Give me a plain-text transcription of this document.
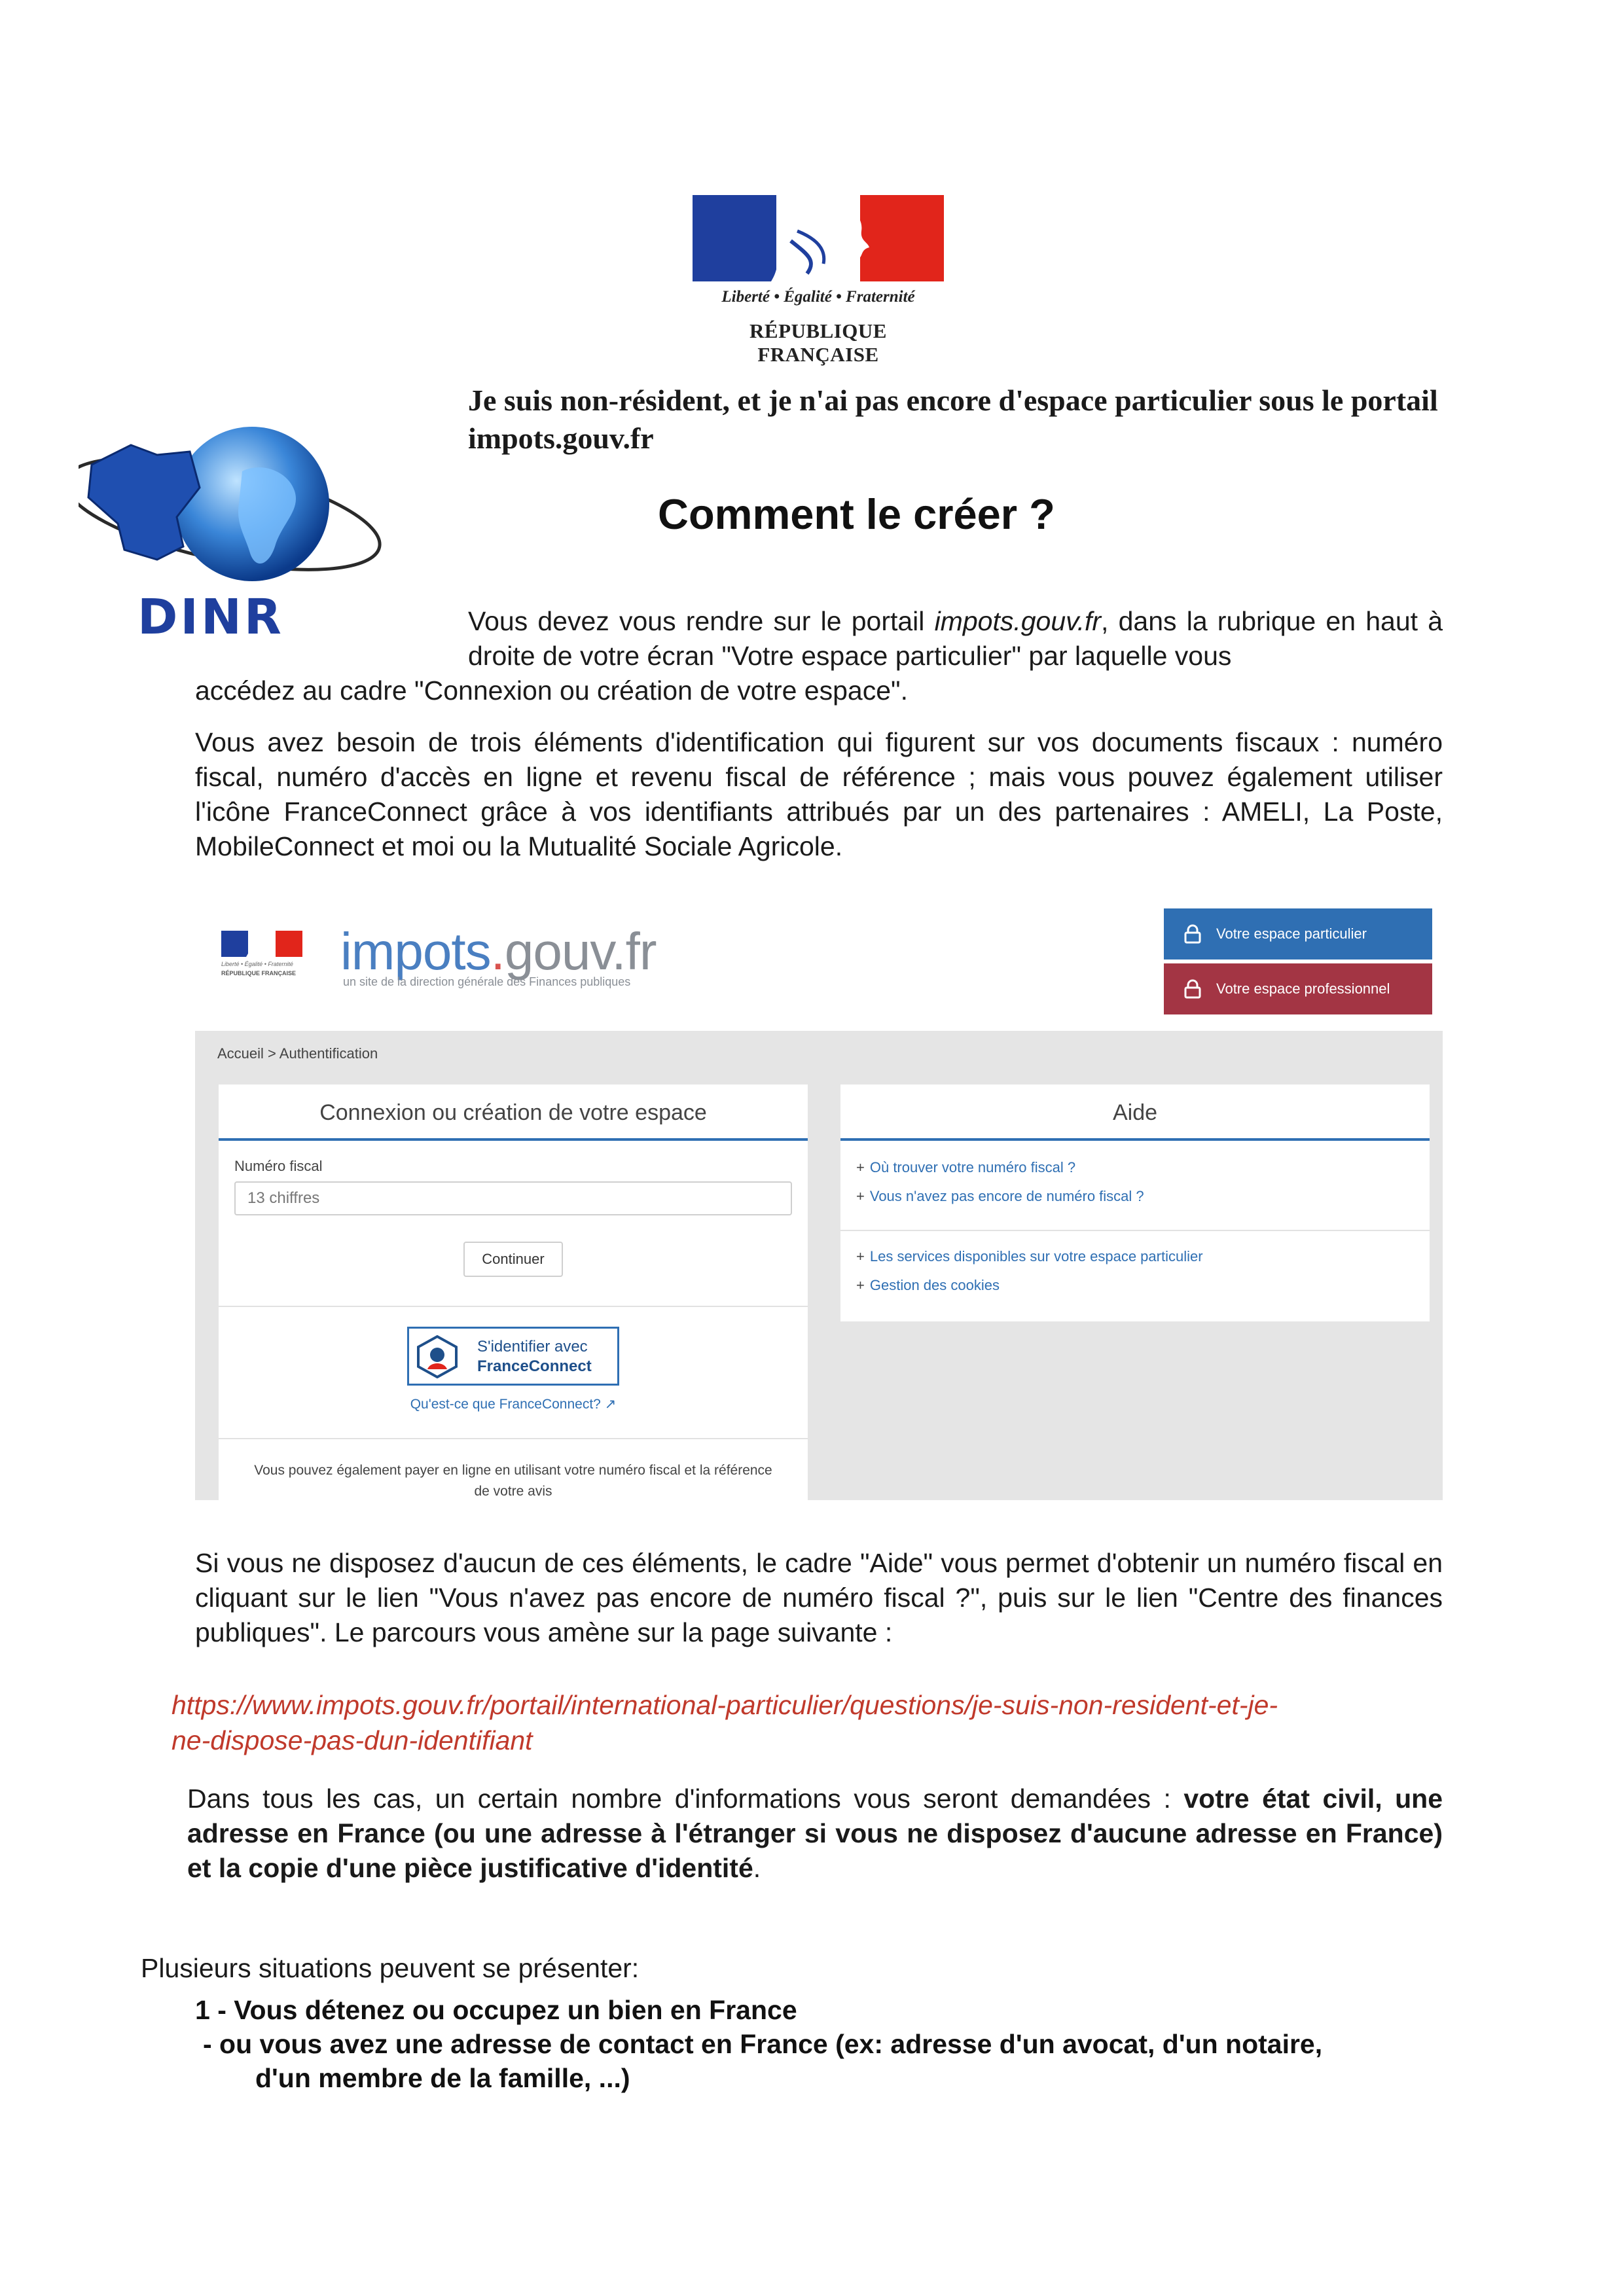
Liberté • Égalité • Fraternité
RÉPUBLIQUE FRANÇAISE
DINR
Je suis non-résident, et je n'ai pas encore d'espace particulier sous le portail impots.gouv.fr
Comment le créer ?
Vous devez vous rendre sur le portail impots.gouv.fr, dans la rubrique en haut à droite de votre écran "Votre espace particulier" par laquelle vous
accédez au cadre "Connexion ou création de votre espace".
Vous avez besoin de trois éléments d'identification qui figurent sur vos documents fiscaux : numéro fiscal, numéro d'accès en ligne et revenu fiscal de référence ; mais vous pouvez également utiliser l'icône FranceConnect grâce à vos identifiants attribués par un des partenaires : AMELI, La Poste, MobileConnect et moi ou la Mutualité Sociale Agricole.
Liberté • Égalité • Fraternité
RÉPUBLIQUE FRANÇAISE impots.gouv.fr
un site de la direction générale des Finances publiques
Votre espace particulier
Votre espace professionnel
Accueil > Authentification
Connexion ou création de votre espace
Numéro fiscal
13 chiffres
Continuer
S'identifier avec
FranceConnect
Qu'est-ce que FranceConnect? ↗
Vous pouvez également payer en ligne en utilisant votre numéro fiscal et la référence de votre avis
Aide
+ Où trouver votre numéro fiscal ?
+ Vous n'avez pas encore de numéro fiscal ?
+ Les services disponibles sur votre espace particulier
+ Gestion des cookies
Si vous ne disposez d'aucun de ces éléments, le cadre "Aide" vous permet d'obtenir un numéro fiscal en cliquant sur le lien "Vous n'avez pas encore de numéro fiscal ?", puis sur le lien "Centre des finances publiques". Le parcours vous amène sur la page suivante :
https://www.impots.gouv.fr/portail/international-particulier/questions/je-suis-non-resident-et-je-
ne-dispose-pas-dun-identifiant
Dans tous les cas, un certain nombre d'informations vous seront demandées : votre état civil, une adresse en France (ou une adresse à l'étranger si vous ne disposez d'aucune adresse en France) et la copie d'une pièce justificative d'identité.
Plusieurs situations peuvent se présenter:
1 - Vous détenez ou occupez un bien en France
- ou vous avez une adresse de contact en France (ex: adresse d'un avocat, d'un notaire,
d'un membre de la famille, ...)
